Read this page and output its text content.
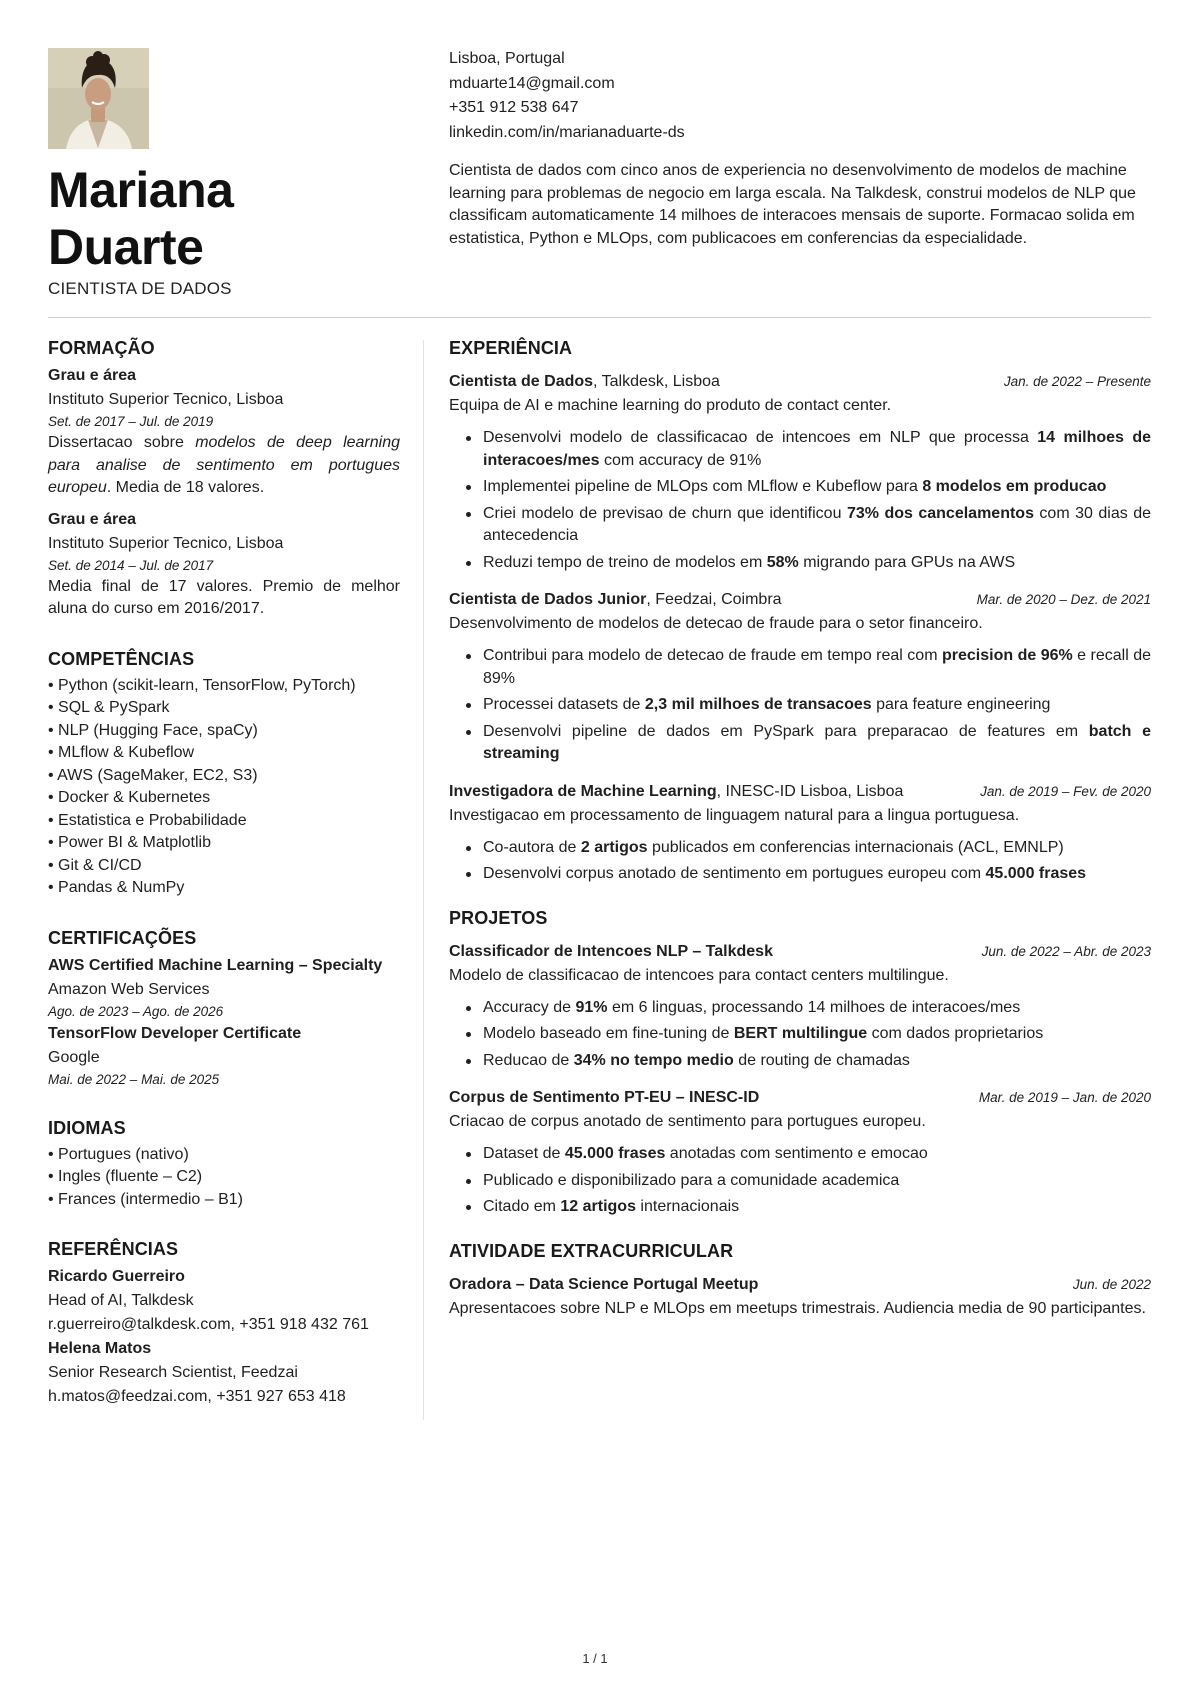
Mariana
Duarte
CIENTISTA DE DADOS
Lisboa, Portugal
mduarte14@gmail.com
+351 912 538 647
linkedin.com/in/marianaduarte-ds
Cientista de dados com cinco anos de experiencia no desenvolvimento de modelos de machine learning para problemas de negocio em larga escala. Na Talkdesk, construi modelos de NLP que classificam automaticamente 14 milhoes de interacoes mensais de suporte. Formacao solida em estatistica, Python e MLOps, com publicacoes em conferencias da especialidade.
FORMAÇÃO
Grau e área
Instituto Superior Tecnico, Lisboa
Set. de 2017 – Jul. de 2019
Dissertacao sobre modelos de deep learning para analise de sentimento em portugues europeu. Media de 18 valores.
Grau e área
Instituto Superior Tecnico, Lisboa
Set. de 2014 – Jul. de 2017
Media final de 17 valores. Premio de melhor aluna do curso em 2016/2017.
COMPETÊNCIAS
• Python (scikit-learn, TensorFlow, PyTorch)
• SQL & PySpark
• NLP (Hugging Face, spaCy)
• MLflow & Kubeflow
• AWS (SageMaker, EC2, S3)
• Docker & Kubernetes
• Estatistica e Probabilidade
• Power BI & Matplotlib
• Git & CI/CD
• Pandas & NumPy
CERTIFICAÇÕES
AWS Certified Machine Learning – Specialty
Amazon Web Services
Ago. de 2023 – Ago. de 2026
TensorFlow Developer Certificate
Google
Mai. de 2022 – Mai. de 2025
IDIOMAS
• Portugues (nativo)
• Ingles (fluente – C2)
• Frances (intermedio – B1)
REFERÊNCIAS
Ricardo Guerreiro
Head of AI, Talkdesk
r.guerreiro@talkdesk.com, +351 918 432 761
Helena Matos
Senior Research Scientist, Feedzai
h.matos@feedzai.com, +351 927 653 418
EXPERIÊNCIA
Cientista de Dados, Talkdesk, Lisboa	Jan. de 2022 – Presente
Equipa de AI e machine learning do produto de contact center.
Desenvolvi modelo de classificacao de intencoes em NLP que processa 14 milhoes de interacoes/mes com accuracy de 91%
Implementei pipeline de MLOps com MLflow e Kubeflow para 8 modelos em producao
Criei modelo de previsao de churn que identificou 73% dos cancelamentos com 30 dias de antecedencia
Reduzi tempo de treino de modelos em 58% migrando para GPUs na AWS
Cientista de Dados Junior, Feedzai, Coimbra	Mar. de 2020 – Dez. de 2021
Desenvolvimento de modelos de detecao de fraude para o setor financeiro.
Contribui para modelo de detecao de fraude em tempo real com precision de 96% e recall de 89%
Processei datasets de 2,3 mil milhoes de transacoes para feature engineering
Desenvolvi pipeline de dados em PySpark para preparacao de features em batch e streaming
Investigadora de Machine Learning, INESC-ID Lisboa, Lisboa	Jan. de 2019 – Fev. de 2020
Investigacao em processamento de linguagem natural para a lingua portuguesa.
Co-autora de 2 artigos publicados em conferencias internacionais (ACL, EMNLP)
Desenvolvi corpus anotado de sentimento em portugues europeu com 45.000 frases
PROJETOS
Classificador de Intencoes NLP – Talkdesk	Jun. de 2022 – Abr. de 2023
Modelo de classificacao de intencoes para contact centers multilingue.
Accuracy de 91% em 6 linguas, processando 14 milhoes de interacoes/mes
Modelo baseado em fine-tuning de BERT multilingue com dados proprietarios
Reducao de 34% no tempo medio de routing de chamadas
Corpus de Sentimento PT-EU – INESC-ID	Mar. de 2019 – Jan. de 2020
Criacao de corpus anotado de sentimento para portugues europeu.
Dataset de 45.000 frases anotadas com sentimento e emocao
Publicado e disponibilizado para a comunidade academica
Citado em 12 artigos internacionais
ATIVIDADE EXTRACURRICULAR
Oradora – Data Science Portugal Meetup	Jun. de 2022
Apresentacoes sobre NLP e MLOps em meetups trimestrais. Audiencia media de 90 participantes.
1 / 1
